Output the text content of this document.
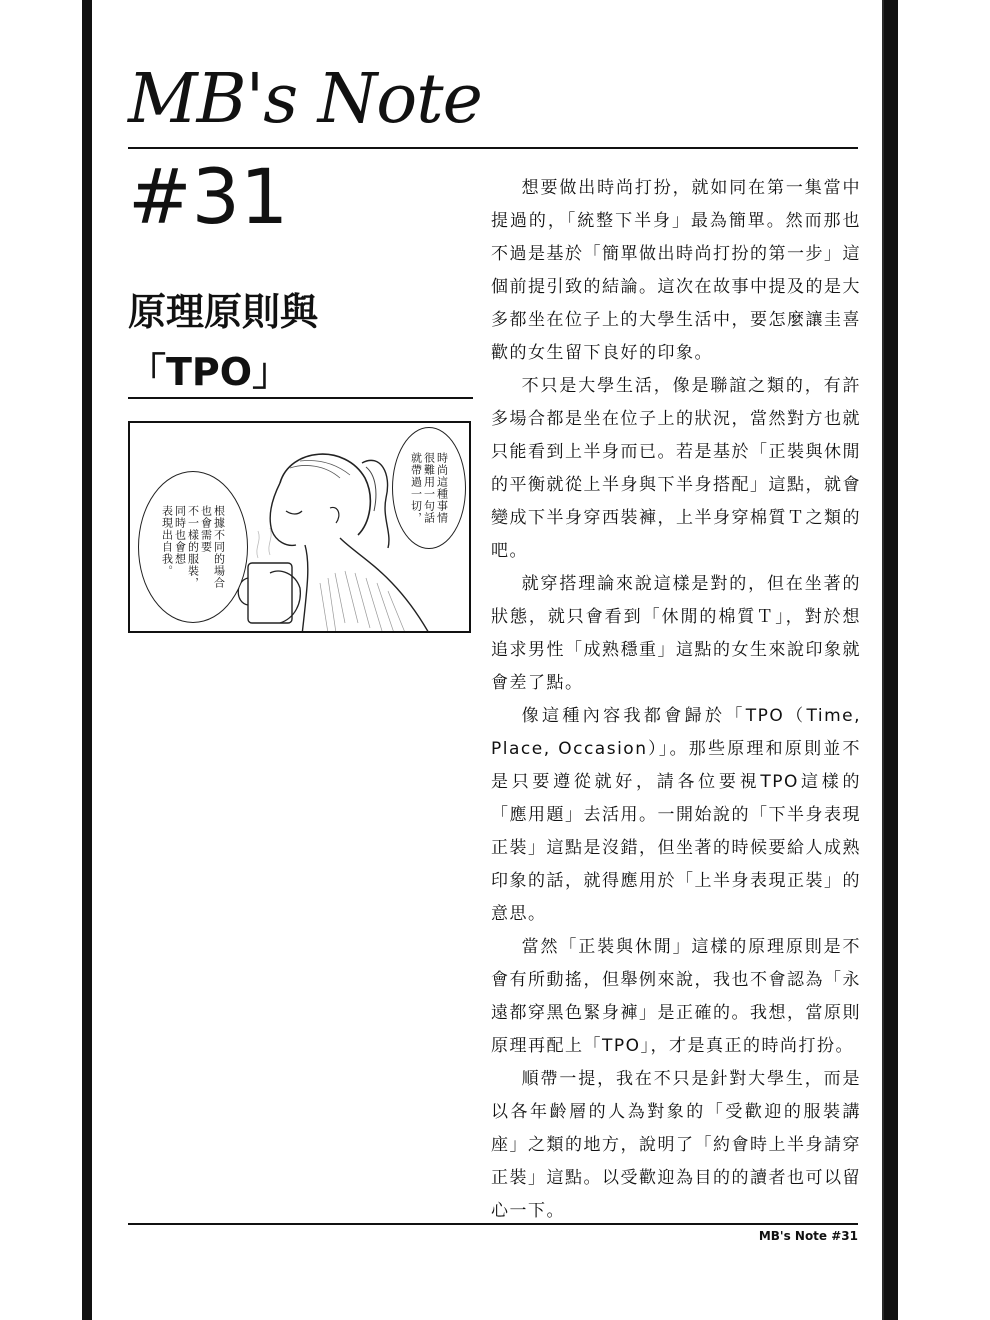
MB's Note
#31
原理原則與
「TPO」
時尚這種事情
很難用一句話
就帶過一切，
根據不同的場合
也會需要
不一樣的服裝，
同時也會想
表現出自我。

想要做出時尚打扮，就如同在第一集當中提過的，「統整下半身」最為簡單。然而那也不過是基於「簡單做出時尚打扮的第一步」這個前提引致的結論。這次在故事中提及的是大多都坐在位子上的大學生活中，要怎麼讓圭喜歡的女生留下良好的印象。

不只是大學生活，像是聯誼之類的，有許多場合都是坐在位子上的狀況，當然對方也就只能看到上半身而已。若是基於「正裝與休閒的平衡就從上半身與下半身搭配」這點，就會變成下半身穿西裝褲，上半身穿棉質Ｔ之類的吧。

就穿搭理論來說這樣是對的，但在坐著的狀態，就只會看到「休閒的棉質Ｔ」，對於想追求男性「成熟穩重」這點的女生來說印象就會差了點。

像這種內容我都會歸於「TPO（Time, Place, Occasion）」。那些原理和原則並不是只要遵從就好，請各位要視TPO這樣的「應用題」去活用。一開始說的「下半身表現正裝」這點是沒錯，但坐著的時候要給人成熟印象的話，就得應用於「上半身表現正裝」的意思。

當然「正裝與休閒」這樣的原理原則是不會有所動搖，但舉例來說，我也不會認為「永遠都穿黑色緊身褲」是正確的。我想，當原則原理再配上「TPO」，才是真正的時尚打扮。

順帶一提，我在不只是針對大學生，而是以各年齡層的人為對象的「受歡迎的服裝講座」之類的地方，說明了「約會時上半身請穿正裝」這點。以受歡迎為目的的讀者也可以留心一下。

MB's Note #31
